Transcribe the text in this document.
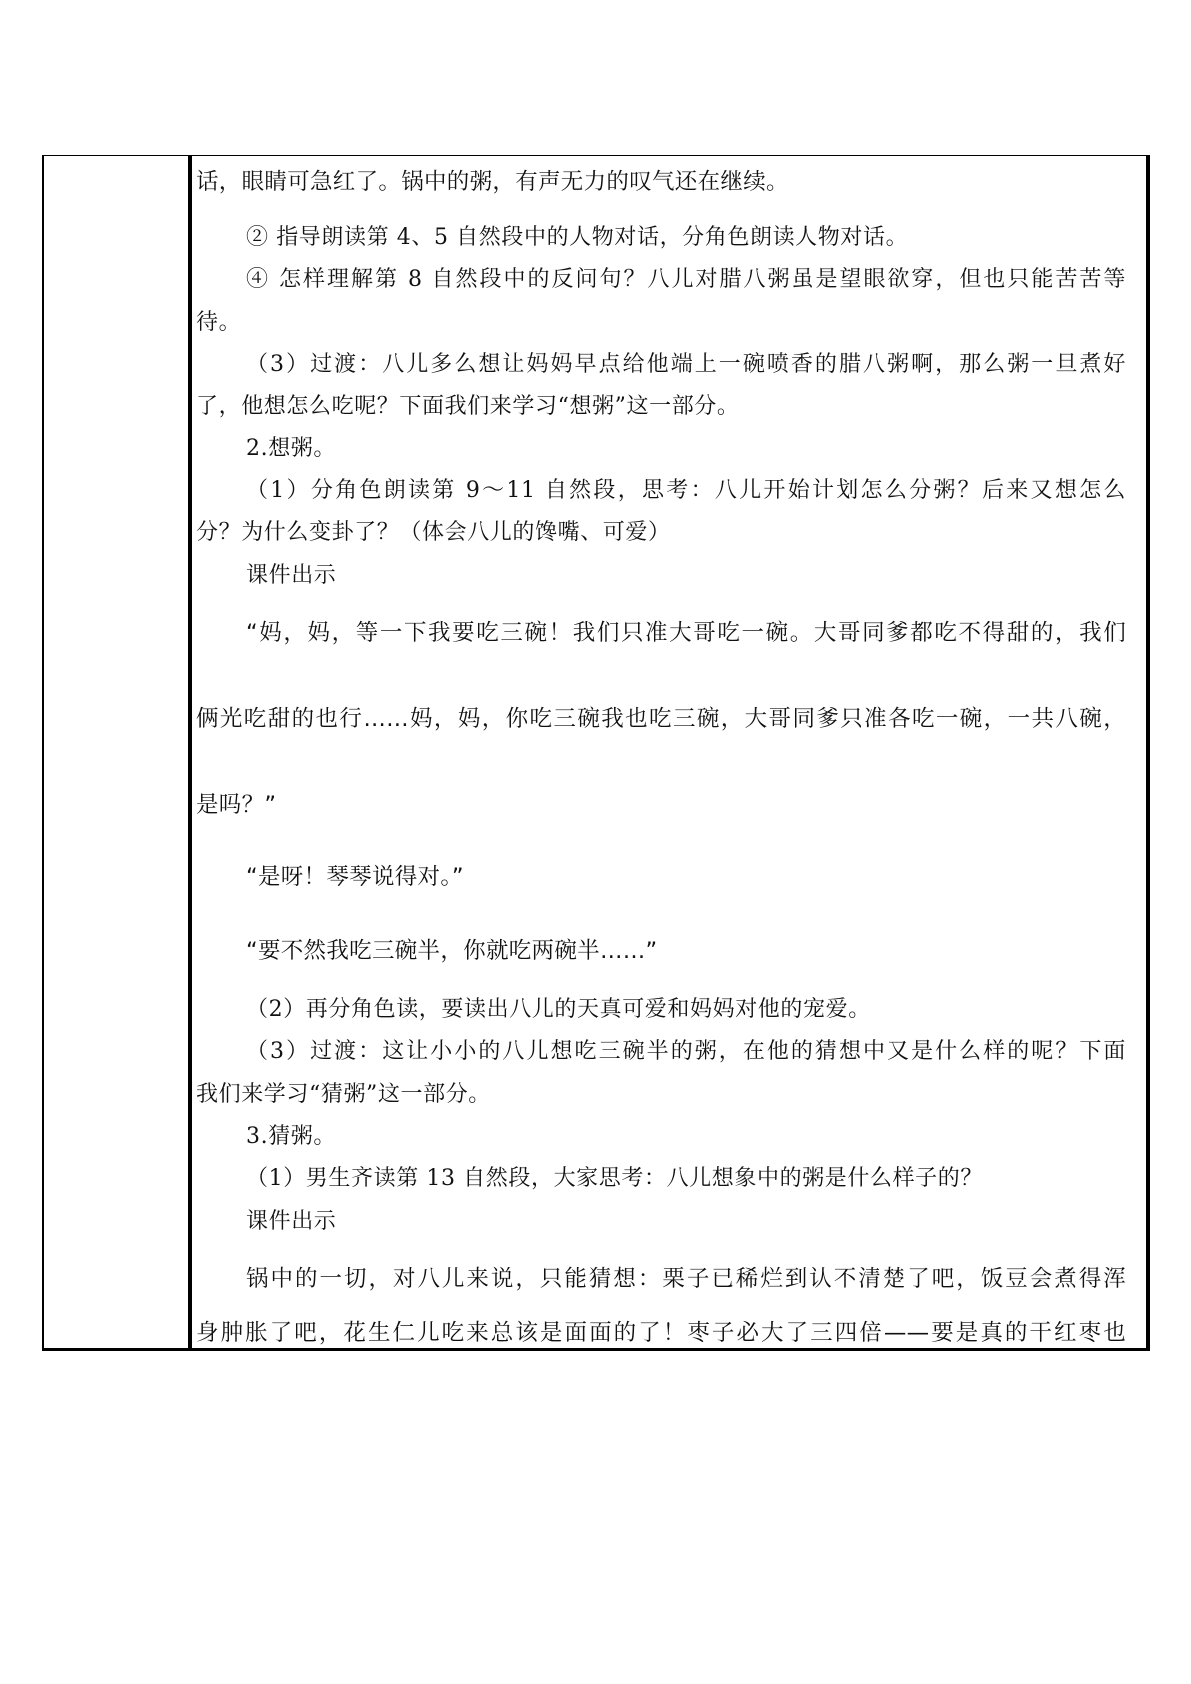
话，眼睛可急红了。锅中的粥，有声无力的叹气还在继续。
② 指导朗读第 4、5 自然段中的人物对话，分角色朗读人物对话。
④ 怎样理解第 8 自然段中的反问句？八儿对腊八粥虽是望眼欲穿，但也只能苦苦等
待。
（3）过渡：八儿多么想让妈妈早点给他端上一碗喷香的腊八粥啊，那么粥一旦煮好
了，他想怎么吃呢？下面我们来学习“想粥”这一部分。
2.想粥。
（1）分角色朗读第 9～11 自然段，思考：八儿开始计划怎么分粥？后来又想怎么
分？为什么变卦了？（体会八儿的馋嘴、可爱）
课件出示
“妈，妈，等一下我要吃三碗！我们只准大哥吃一碗。大哥同爹都吃不得甜的，我们
俩光吃甜的也行……妈，妈，你吃三碗我也吃三碗，大哥同爹只准各吃一碗，一共八碗，
是吗？”
“是呀！琴琴说得对。”
“要不然我吃三碗半，你就吃两碗半……”
（2）再分角色读，要读出八儿的天真可爱和妈妈对他的宠爱。
（3）过渡：这让小小的八儿想吃三碗半的粥，在他的猜想中又是什么样的呢？下面
我们来学习“猜粥”这一部分。
3.猜粥。
（1）男生齐读第 13 自然段，大家思考：八儿想象中的粥是什么样子的？
课件出示
锅中的一切，对八儿来说，只能猜想：栗子已稀烂到认不清楚了吧，饭豆会煮得浑
身肿胀了吧，花生仁儿吃来总该是面面的了！枣子必大了三四倍——要是真的干红枣也
